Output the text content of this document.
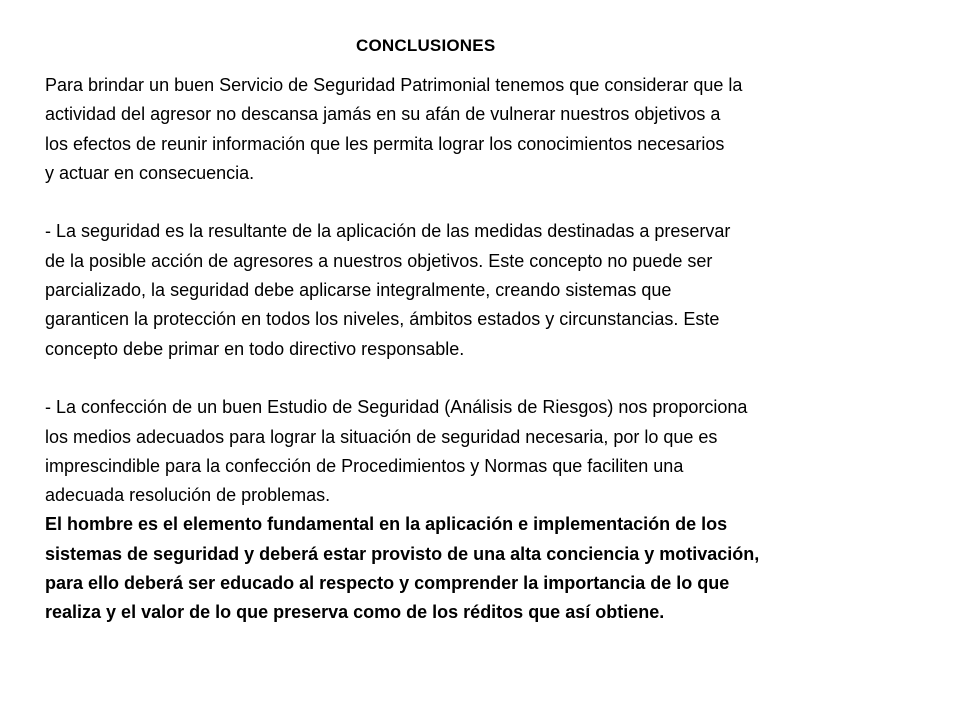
CONCLUSIONES

Para brindar un buen Servicio de Seguridad Patrimonial tenemos que considerar que la
actividad del agresor no descansa jamás en su afán de vulnerar nuestros objetivos a
los efectos de reunir información que les permita lograr los conocimientos necesarios
y actuar en consecuencia.

- La seguridad es la resultante de la aplicación de las medidas destinadas a preservar
de la posible acción de agresores a nuestros objetivos. Este concepto no puede ser
parcializado, la seguridad debe aplicarse integralmente, creando sistemas que
garanticen la protección en todos los niveles, ámbitos estados y circunstancias. Este
concepto debe primar en todo directivo responsable.

- La confección de un buen Estudio de Seguridad (Análisis de Riesgos) nos proporciona
los medios adecuados para lograr la situación de seguridad necesaria, por lo que es
imprescindible para la confección de Procedimientos y Normas que faciliten una
adecuada resolución de problemas.

El hombre es el elemento fundamental en la aplicación e implementación de los
sistemas de seguridad y deberá estar provisto de una alta conciencia y motivación,
para ello deberá ser educado al respecto y comprender la importancia de lo que
realiza y el valor de lo que preserva como de los réditos que así obtiene.
